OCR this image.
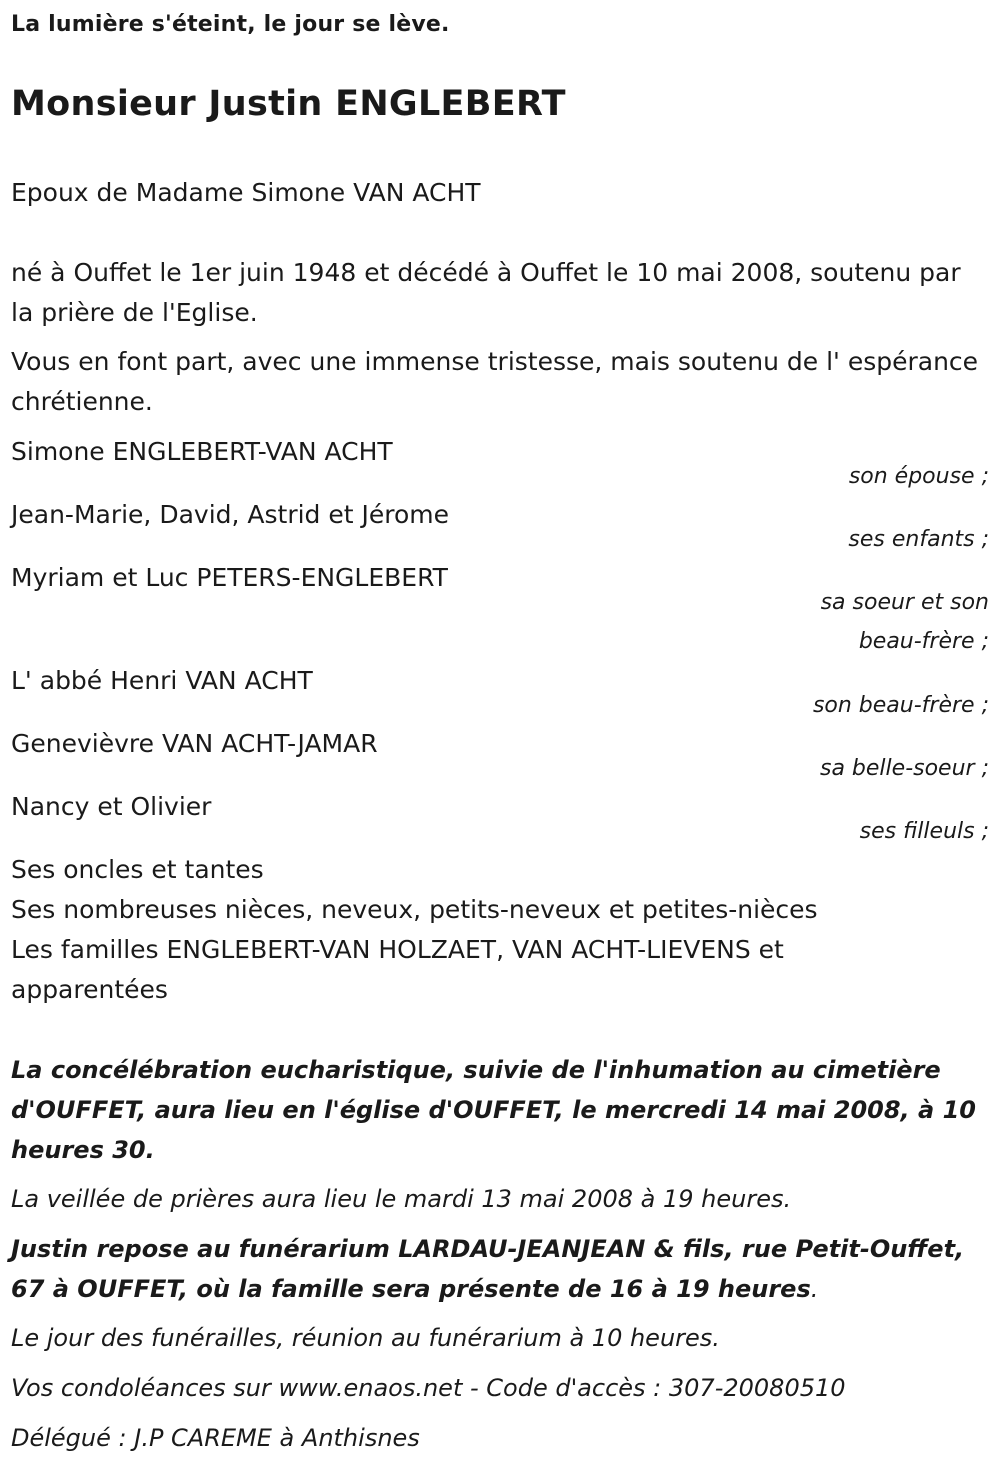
La lumière s'éteint, le jour se lève.
Monsieur Justin ENGLEBERT
Epoux de Madame Simone VAN ACHT
né à Ouffet le 1er juin 1948 et décédé à Ouffet le 10 mai 2008, soutenu par la prière de l'Eglise.
Vous en font part, avec une immense tristesse, mais soutenu de l' espérance chrétienne.
Simone ENGLEBERT-VAN ACHT
son épouse ;
Jean-Marie, David, Astrid et Jérome
ses enfants ;
Myriam et Luc PETERS-ENGLEBERT
sa soeur et son
beau-frère ;
L' abbé Henri VAN ACHT
son beau-frère ;
Genevièvre VAN ACHT-JAMAR
sa belle-soeur ;
Nancy et Olivier
ses filleuls ;
Ses oncles et tantes
Ses nombreuses nièces, neveux, petits-neveux et petites-nièces
Les familles ENGLEBERT-VAN HOLZAET, VAN ACHT-LIEVENS et apparentées
La concélébration eucharistique, suivie de l'inhumation au cimetière d'OUFFET, aura lieu en l'église d'OUFFET, le mercredi 14 mai 2008, à 10 heures 30.
La veillée de prières aura lieu le mardi 13 mai 2008 à 19 heures.
Justin repose au funérarium LARDAU-JEANJEAN & fils, rue Petit-Ouffet, 67 à OUFFET, où la famille sera présente de 16 à 19 heures.
Le jour des funérailles, réunion au funérarium à 10 heures.
Vos condoléances sur www.enaos.net - Code d'accès : 307-20080510
Délégué : J.P CAREME à Anthisnes
